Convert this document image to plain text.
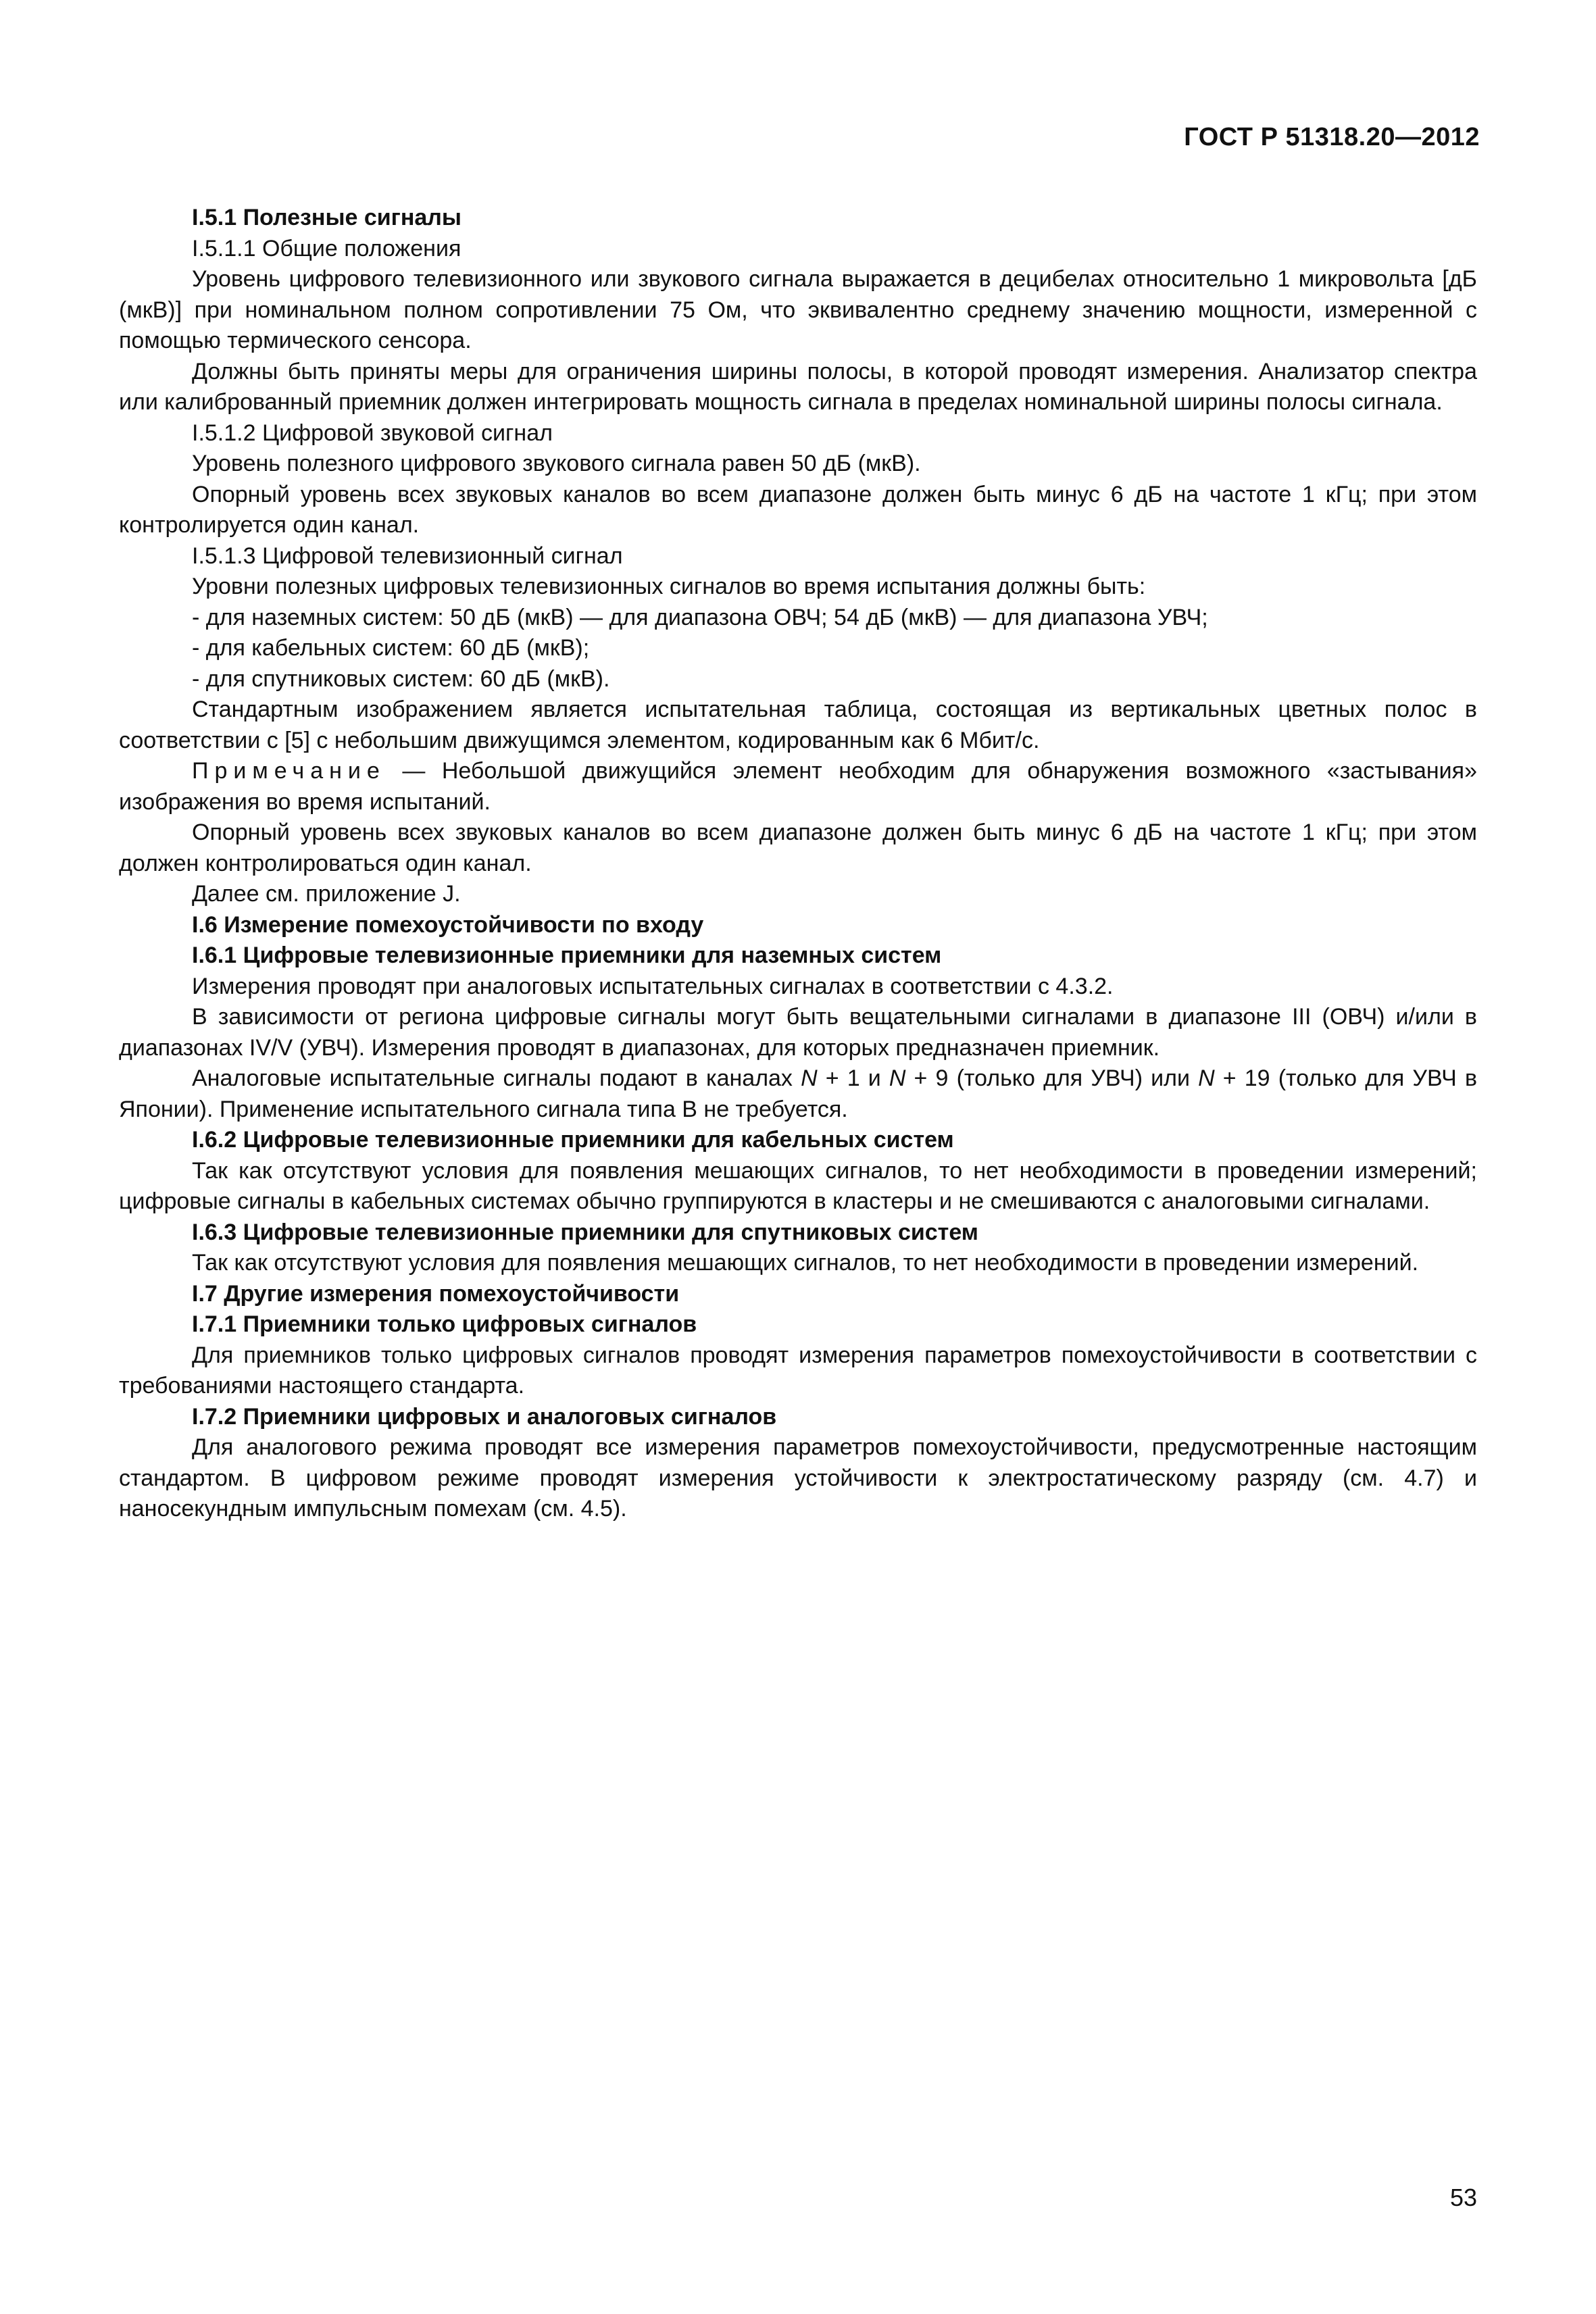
ГОСТ Р 51318.20—2012

I.5.1 Полезные сигналы

I.5.1.1 Общие положения

Уровень цифрового телевизионного или звукового сигнала выражается в децибелах относительно 1 микровольта [дБ (мкВ)] при номинальном полном сопротивлении 75 Ом, что эквивалентно среднему значению мощности, измеренной с помощью термического сенсора.

Должны быть приняты меры для ограничения ширины полосы, в которой проводят измерения. Анализатор спектра или калиброванный приемник должен интегрировать мощность сигнала в пределах номинальной ширины полосы сигнала.

I.5.1.2 Цифровой звуковой сигнал

Уровень полезного цифрового звукового сигнала равен 50 дБ (мкВ).

Опорный уровень всех звуковых каналов во всем диапазоне должен быть минус 6 дБ на частоте 1 кГц; при этом контролируется один канал.

I.5.1.3 Цифровой телевизионный сигнал

Уровни полезных цифровых телевизионных сигналов во время испытания должны быть:

- для наземных систем: 50 дБ (мкВ) — для диапазона ОВЧ; 54 дБ (мкВ) — для диапазона УВЧ;

- для кабельных систем: 60 дБ (мкВ);

- для спутниковых систем: 60 дБ (мкВ).

Стандартным изображением является испытательная таблица, состоящая из вертикальных цветных полос в соответствии с [5] с небольшим движущимся элементом, кодированным как 6 Мбит/с.

Примечание — Небольшой движущийся элемент необходим для обнаружения возможного «застывания» изображения во время испытаний.

Опорный уровень всех звуковых каналов во всем диапазоне должен быть минус 6 дБ на частоте 1 кГц; при этом должен контролироваться один канал.

Далее см. приложение J.

I.6 Измерение помехоустойчивости по входу

I.6.1 Цифровые телевизионные приемники для наземных систем

Измерения проводят при аналоговых испытательных сигналах в соответствии с 4.3.2.

В зависимости от региона цифровые сигналы могут быть вещательными сигналами в диапазоне III (ОВЧ) и/или в диапазонах IV/V (УВЧ). Измерения проводят в диапазонах, для которых предназначен приемник.

Аналоговые испытательные сигналы подают в каналах N + 1 и N + 9 (только для УВЧ) или N + 19 (только для УВЧ в Японии). Применение испытательного сигнала типа В не требуется.

I.6.2 Цифровые телевизионные приемники для кабельных систем

Так как отсутствуют условия для появления мешающих сигналов, то нет необходимости в проведении измерений; цифровые сигналы в кабельных системах обычно группируются в кластеры и не смешиваются с аналоговыми сигналами.

I.6.3 Цифровые телевизионные приемники для спутниковых систем

Так как отсутствуют условия для появления мешающих сигналов, то нет необходимости в проведении измерений.

I.7 Другие измерения помехоустойчивости

I.7.1 Приемники только цифровых сигналов

Для приемников только цифровых сигналов проводят измерения параметров помехоустойчивости в соответствии с требованиями настоящего стандарта.

I.7.2 Приемники цифровых и аналоговых сигналов

Для аналогового режима проводят все измерения параметров помехоустойчивости, предусмотренные настоящим стандартом. В цифровом режиме проводят измерения устойчивости к электростатическому разряду (см. 4.7) и наносекундным импульсным помехам (см. 4.5).

53
